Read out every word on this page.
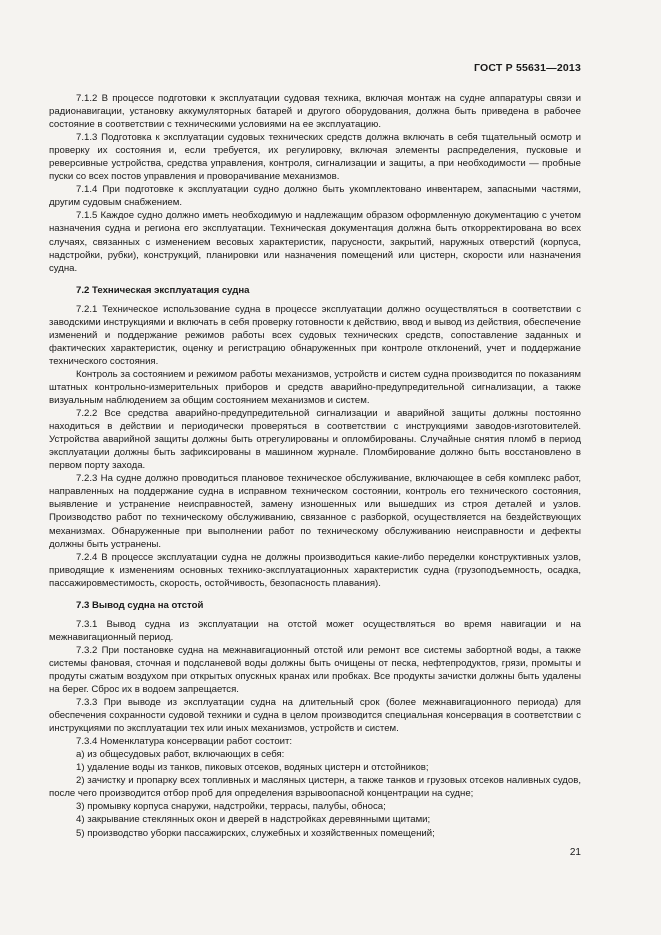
ГОСТ Р 55631—2013

7.1.2 В процессе подготовки к эксплуатации судовая техника, включая монтаж на судне аппаратуры связи и радионавигации, установку аккумуляторных батарей и другого оборудования, должна быть приведена в рабочее состояние в соответствии с техническими условиями на ее эксплуатацию.

7.1.3 Подготовка к эксплуатации судовых технических средств должна включать в себя тщательный осмотр и проверку их состояния и, если требуется, их регулировку, включая элементы распределения, пусковые и реверсивные устройства, средства управления, контроля, сигнализации и защиты, а при необходимости — пробные пуски со всех постов управления и проворачивание механизмов.

7.1.4 При подготовке к эксплуатации судно должно быть укомплектовано инвентарем, запасными частями, другим судовым снабжением.

7.1.5 Каждое судно должно иметь необходимую и надлежащим образом оформленную документацию с учетом назначения судна и региона его эксплуатации. Техническая документация должна быть откорректирована во всех случаях, связанных с изменением весовых характеристик, парусности, закрытий, наружных отверстий (корпуса, надстройки, рубки), конструкций, планировки или назначения помещений или цистерн, скорости или назначения судна.

7.2 Техническая эксплуатация судна

7.2.1 Техническое использование судна в процессе эксплуатации должно осуществляться в соответствии с заводскими инструкциями и включать в себя проверку готовности к действию, ввод и вывод из действия, обеспечение изменений и поддержание режимов работы всех судовых технических средств, сопоставление заданных и фактических характеристик, оценку и регистрацию обнаруженных при контроле отклонений, учет и поддержание технического состояния.

Контроль за состоянием и режимом работы механизмов, устройств и систем судна производится по показаниям штатных контрольно-измерительных приборов и средств аварийно-предупредительной сигнализации, а также визуальным наблюдением за общим состоянием механизмов и систем.

7.2.2 Все средства аварийно-предупредительной сигнализации и аварийной защиты должны постоянно находиться в действии и периодически проверяться в соответствии с инструкциями заводов-изготовителей. Устройства аварийной защиты должны быть отрегулированы и опломбированы. Случайные снятия пломб в период эксплуатации должны быть зафиксированы в машинном журнале. Пломбирование должно быть восстановлено в первом порту захода.

7.2.3 На судне должно проводиться плановое техническое обслуживание, включающее в себя комплекс работ, направленных на поддержание судна в исправном техническом состоянии, контроль его технического состояния, выявление и устранение неисправностей, замену изношенных или вышедших из строя деталей и узлов. Производство работ по техническому обслуживанию, связанное с разборкой, осуществляется на бездействующих механизмах. Обнаруженные при выполнении работ по техническому обслуживанию неисправности и дефекты должны быть устранены.

7.2.4 В процессе эксплуатации судна не должны производиться какие-либо переделки конструктивных узлов, приводящие к изменениям основных технико-эксплуатационных характеристик судна (грузоподъемность, осадка, пассажировместимость, скорость, остойчивость, безопасность плавания).

7.3 Вывод судна на отстой

7.3.1 Вывод судна из эксплуатации на отстой может осуществляться во время навигации и на межнавигационный период.

7.3.2 При постановке судна на межнавигационный отстой или ремонт все системы забортной воды, а также системы фановая, сточная и подсланевой воды должны быть очищены от песка, нефтепродуктов, грязи, промыты и продуты сжатым воздухом при открытых опускных кранах или пробках. Все продукты зачистки должны быть удалены на берег. Сброс их в водоем запрещается.

7.3.3 При выводе из эксплуатации судна на длительный срок (более межнавигационного периода) для обеспечения сохранности судовой техники и судна в целом производится специальная консервация в соответствии с инструкциями по эксплуатации тех или иных механизмов, устройств и систем.

7.3.4 Номенклатура консервации работ состоит:

а) из общесудовых работ, включающих в себя:

1) удаление воды из танков, пиковых отсеков, водяных цистерн и отстойников;

2) зачистку и пропарку всех топливных и масляных цистерн, а также танков и грузовых отсеков наливных судов, после чего производится отбор проб для определения взрывоопасной концентрации на судне;

3) промывку корпуса снаружи, надстройки, террасы, палубы, обноса;

4) закрывание стеклянных окон и дверей в надстройках деревянными щитами;

5) производство уборки пассажирских, служебных и хозяйственных помещений;

21
